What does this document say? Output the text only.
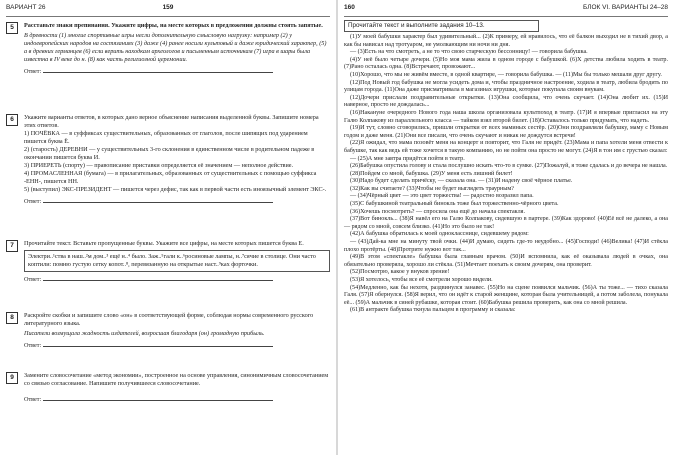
ВАРИАНТ 26	159
5	Расставьте знаки препинания. Укажите цифры, на месте которых в предложении должны стоять запятые.

В древности (1) многие спортивные игры несли дополнительную смысловую нагрузку: например (2) у индоевропейских народов на состязаниях (3) даже (4) ранее носили культовый и даже юридический характер, (5) а в древних германцев (6) если верить находкам археологов и письменным источникам (7) игра в шары была известна в IV веке до н. (8) как часть религиозной церемонии.

Ответ:
6	Укажите варианты ответов, в которых дано верное объяснение написания выделенной буквы. Запишите номера этих ответов.

1) ПОЧЁВКА — в суффиксах существительных, образованных от глаголов, после шипящих под ударением пишется буква Ё.

2) (старость) ДЕРЕВНИ — у существительных 3-го склонения в единственном числе в родительном падеже в окончании пишется буква И.

3) ПРИЕРЕТЬ (спорту) — правописание приставки определяется её значением — неполное действие.

4) ПРОМАСЛЕННАЯ (бумага) — в прилагательных, образованных от существительных с помощью суффикса -ЕНН-, пишется НН.

5) (выступил) ЭКС-ПРЕЗИДЕНТ — пишется через дефис, так как в первой части есть иноязычный элемент ЭКС-.

Ответ:
7	Прочитайте текст. Вставьте пропущенные буквы. Укажите все цифры, на месте которых пишется буква Е.

Электри..¹ства в наш..²м дом..³ ещё н..⁴ было. Заж..⁵гали к..⁶росиновые лампы, н..⁷сячие в столице. Они часто коптили: помню густую сетку копот..⁸, перевязанную на открытые наст..⁹ках форточки.

Ответ:
8	Раскройте скобки и запишите слово «он» в соответствующей форме, соблюдая нормы современного русского литературного языка.

Писатели возмущала жадность издателей, возросшая благодаря (он) громадную прибыль.

Ответ:
9	Замените словосочетание «метод экономии», построенное на основе управления, синонимичным словосочетанием со связью согласование. Напишите получившееся словосочетание.

Ответ:
160	БЛОК VI. ВАРИАНТЫ 24–28
Прочитайте текст и выполните задания 10–13.

(1)У моей бабушки характер был удивительный... (2)К примеру, ей нравилось, что её балкон выходил не в тихий двор, а как бы нависал над тротуаром, не умолкающим ни ночи ни дня.

— (3)Есть на что смотреть, а не то что свою старческую бессонницу! — говорила бабушка.

(4)У неё было четыре дочери. (5)Но моя мама жила в одном городе с бабушкой. (6)Х детства любила ходить в театр. (7)Рано осталась одна. (8)Встречают, провожают...

(10)Хорошо, что мы не живём вместе, в одной квартире, — говорила бабушка. — (11)Мы бы только мешали друг другу.

(12)Под Новый год бабушка не могла усидеть дома и, чтобы праздничное настроение, ходила в театр, любила бродить по улицам города. (11)Она даже присматривала в магазинах игрушки, которые покупала своим внукам.

(12)Дочери прислали поздравительные открытки. (13)Она сообщила, что очень скучает. (14)Она любит их. (15)И наверное, просто не дождалась...

(16)Накануне очередного Нового года наша школа организовала культпоход в театр. (17)И я впервые пригласил на эту Галю Колпакову из параллельного класса — тайком взял второй билет. (18)Оставалось только придумать, что надеть.

(19)И тут, словно сговорились, пришли открытки от всех маминых сестёр. (20)Они поздравляли бабушку, маму с Новым годом и даже меня. (21)Они все писали, что очень скучают и никак не дождутся встречи!

(22)Я ожидал, что мама позовёт меня на концерт и повторит, что Галя не придёт. (23)Мама и папа хотели меня отвести к бабушке, так как ведь ей тоже хочется в такую компанию, но не пойти она просто не могут. (24)Я в тон им с грустью сказал:

— (25)А мне завтра придётся пойти в театр.

(26)Бабушка опустила голову и стала послушно искать что-то в сумке. (27)Пожалуй, я тоже сдалась и до вечера не нашла.

(28)Пойдем со мной, бабушка. (29)У меня есть лишний билет!

(30)Надо будет сделать причёску, — сказала она. — (31)И надену своё чёрное платье.

(32)Как вы считаете? (33)Чтобы не будет выглядеть траурным?

— (34)Чёрный цвет — это цвет торжества! — радостно возразил папа.

(35)С бабушкиной театральный бинокль тоже был торжественно-чёрного цвета.

(36)Хочешь посмотреть? — спросила она ещё до начала спектакля.

(37)Вот бинокль... (38)Я навёл его на Галю Колпакову, сидевшую в партере. (39)Как здорово! (40)Её всё не далеко, а она — рядом со мной, совсем близко. (41)Но это было не так!

(42)А бабушка обратилась к моей однокласснице, сидевшему рядом:

— (43)Дай-ка мне на минуту твой очки. (44)И думаю, сидеть где-то неудобно... (45)Господи! (46)Велика! (47)И стёкла плохо протёрты. (48)Протрите нужно вот так...

(49)В этом «спектакле» бабушка была главным врачом. (50)И вспомнила, как её оказывала людей в очках, она обязательно проверяла, хорошо ли стёкла. (51)Мечтает поехать к своим дочерям, она проверит.

(52)Посмотрю, какое у внуков зрение!

(53)Я хотелось, чтобы все её смотрели хорошо видели.

(54)Медленно, как бы нехотя, раздвинулся занавес. (55)Но на сцене появился мальчик. (56)А ты тоже... — тихо сказала Галя. (57)Я обернулся. (58)Я верил, что он идёт к старой женщине, которая была учительницей, а потом заболела, понукала её... (59)А мальчик в синей рубашке, которая стоит. (60)Бабушка решила проверить, как она со мной решила.

(61)В антракте бабушка ткнула пальцем в программу и сказала:
